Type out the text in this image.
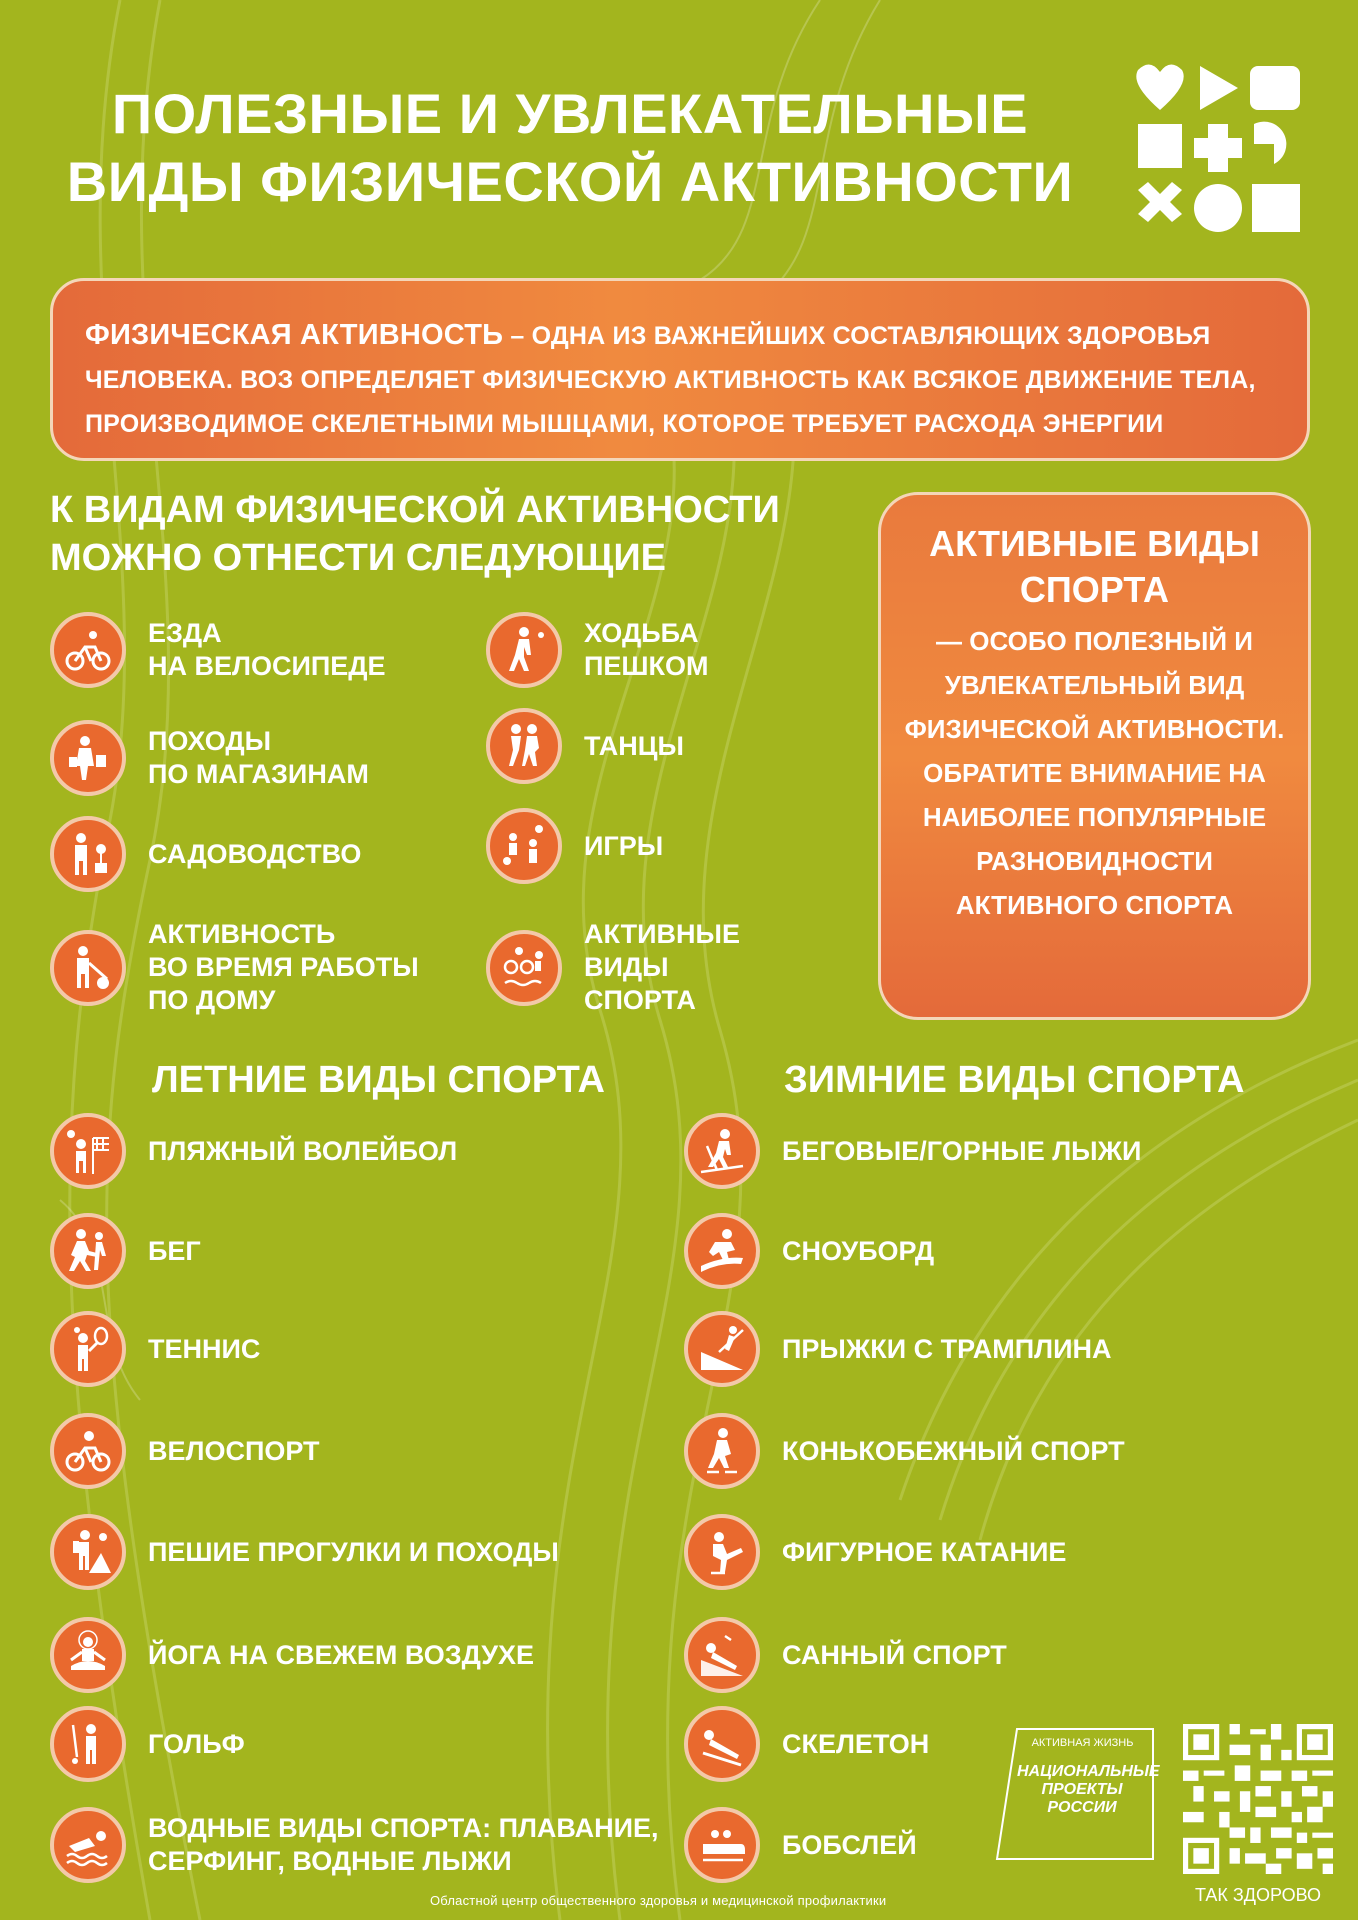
ПОЛЕЗНЫЕ И УВЛЕКАТЕЛЬНЫЕ
ВИДЫ ФИЗИЧЕСКОЙ АКТИВНОСТИ
ФИЗИЧЕСКАЯ АКТИВНОСТЬ – ОДНА ИЗ ВАЖНЕЙШИХ СОСТАВЛЯЮЩИХ ЗДОРОВЬЯ ЧЕЛОВЕКА. ВОЗ ОПРЕДЕЛЯЕТ ФИЗИЧЕСКУЮ АКТИВНОСТЬ КАК ВСЯКОЕ ДВИЖЕНИЕ ТЕЛА, ПРОИЗВОДИМОЕ СКЕЛЕТНЫМИ МЫШЦАМИ, КОТОРОЕ ТРЕБУЕТ РАСХОДА ЭНЕРГИИ
К ВИДАМ ФИЗИЧЕСКОЙ АКТИВНОСТИ
МОЖНО ОТНЕСТИ СЛЕДУЮЩИЕ
ЕЗДА
НА ВЕЛОСИПЕДЕ
ПОХОДЫ
ПО МАГАЗИНАМ
САДОВОДСТВО
АКТИВНОСТЬ
ВО ВРЕМЯ РАБОТЫ
ПО ДОМУ
ХОДЬБА
ПЕШКОМ
ТАНЦЫ
ИГРЫ
АКТИВНЫЕ
ВИДЫ
СПОРТА
АКТИВНЫЕ ВИДЫ СПОРТА
— ОСОБО ПОЛЕЗНЫЙ И УВЛЕКАТЕЛЬНЫЙ ВИД ФИЗИЧЕСКОЙ АКТИВНОСТИ. ОБРАТИТЕ ВНИМАНИЕ НА НАИБОЛЕЕ ПОПУЛЯРНЫЕ РАЗНОВИДНОСТИ АКТИВНОГО СПОРТА
ЛЕТНИЕ ВИДЫ СПОРТА	ЗИМНИЕ ВИДЫ СПОРТА
ПЛЯЖНЫЙ ВОЛЕЙБОЛ
БЕГ
ТЕННИС
ВЕЛОСПОРТ
ПЕШИЕ ПРОГУЛКИ И ПОХОДЫ
ЙОГА НА СВЕЖЕМ ВОЗДУХЕ
ГОЛЬФ
ВОДНЫЕ ВИДЫ СПОРТА: ПЛАВАНИЕ,
СЕРФИНГ, ВОДНЫЕ ЛЫЖИ
БЕГОВЫЕ/ГОРНЫЕ ЛЫЖИ
СНОУБОРД
ПРЫЖКИ С ТРАМПЛИНА
КОНЬКОБЕЖНЫЙ СПОРТ
ФИГУРНОЕ КАТАНИЕ
САННЫЙ СПОРТ
СКЕЛЕТОН
БОБСЛЕЙ
АКТИВНАЯ ЖИЗНЬ
НАЦИОНАЛЬНЫЕ
ПРОЕКТЫ
РОССИИ
ТАК ЗДОРОВО
Областной центр общественного здоровья и медицинской профилактики
